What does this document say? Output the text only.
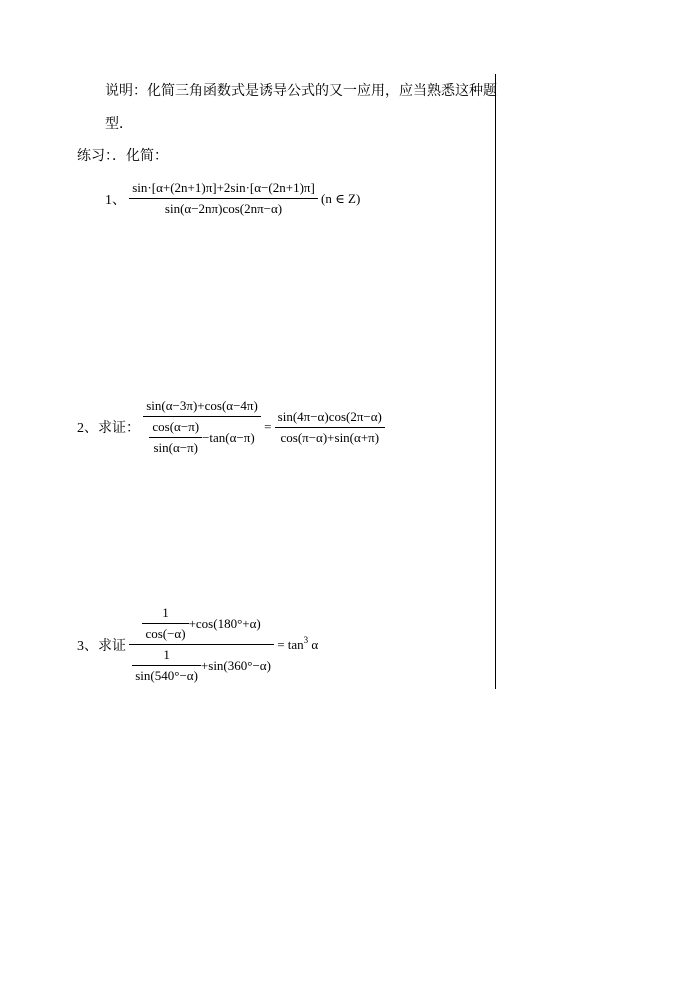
说明：化简三角函数式是诱导公式的又一应用，应当熟悉这种题
型．
练习：．化简：
1、 $\frac{\sin\cdot[\alpha+(2n+1)\pi]+2\sin\cdot[\alpha-(2n+1)\pi]}{\sin(\alpha-2n\pi)\cos(2n\pi-\alpha)} (n$ ∈ Z)
2、求证： $\frac{\sin(\alpha-3\pi)+\cos(\alpha-4\pi)}{\frac{\cos(\alpha-\pi)}{\sin(\alpha-\pi)} -\tan(\alpha-\pi)} = \frac{\sin(4\pi-\alpha)\cos(2\pi-\alpha)}{\cos(\pi-\alpha)+\sin(\alpha+\pi)}$
3、求证 $\frac{\frac{1}{\cos(-\alpha)} +\cos(180^\circ+\alpha)}{\frac{1}{\sin(540^\circ-\alpha)} +\sin(360^\circ-\alpha)} = \tan^3 \alpha$
